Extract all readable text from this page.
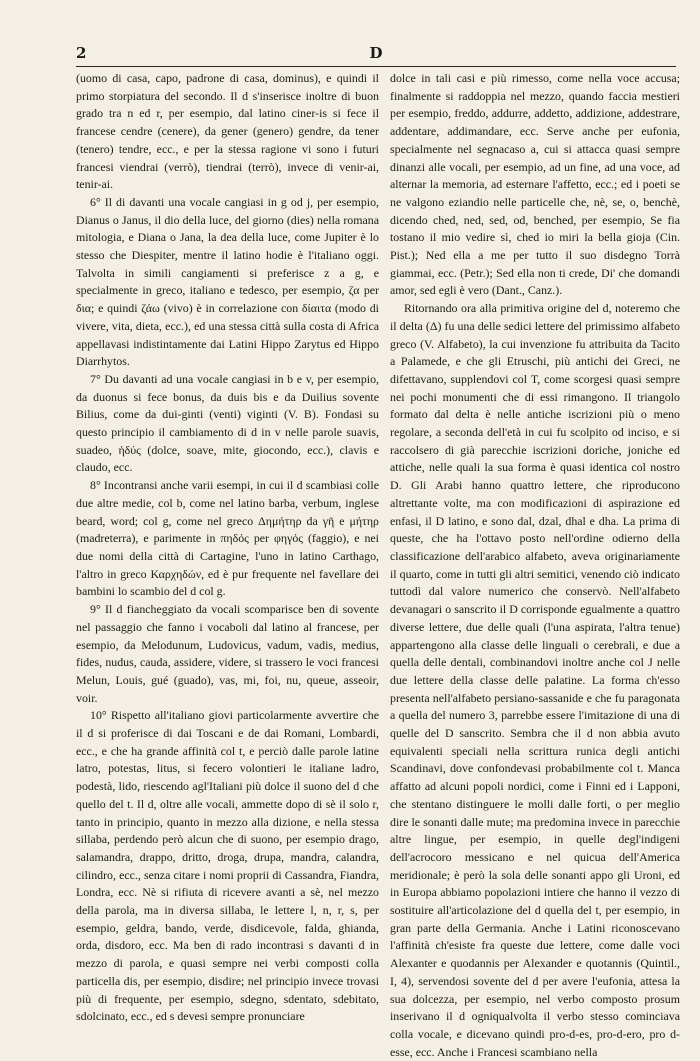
2	D

(uomo di casa, capo, padrone di casa, dominus), e quindi il primo storpiatura del secondo. Il d s'inserisce inoltre di buon grado tra n ed r, per esempio, dal latino ciner-is si fece il francese cendre (cenere), da gener (genero) gendre, da tener (tenero) tendre, ecc., e per la stessa ragione vi sono i futuri francesi viendrai (verrò), tiendrai (terrò), invece di venir-ai, tenir-ai.

6° Il di davanti una vocale cangiasi in g od j, per esempio, Dianus o Janus, il dio della luce, del giorno (dies) nella romana mitologia, e Diana o Jana, la dea della luce, come Jupiter è lo stesso che Diespiter, mentre il latino hodie è l'italiano oggi. Talvolta in simili cangiamenti si preferisce z a g, e specialmente in greco, italiano e tedesco, per esempio, ζα per δια; e quindi ζάω (vivo) è in correlazione con δίαιτα (modo di vivere, vita, dieta, ecc.), ed una stessa città sulla costa di Africa appellavasi indistintamente dai Latini Hippo Zarytus ed Hippo Diarrhytos.

7° Du davanti ad una vocale cangiasi in b e v, per esempio, da duonus si fece bonus, da duis bis e da Duilius sovente Bilius, come da dui-ginti (venti) viginti (V. B). Fondasi su questo principio il cambiamento di d in v nelle parole suavis, suadeo, ἡδύς (dolce, soave, mite, giocondo, ecc.), clavis e claudo, ecc.

8° Incontransi anche varii esempi, in cui il d scambiasi colle due altre medie, col b, come nel latino barba, verbum, inglese beard, word; col g, come nel greco Δημήτηρ da γῆ e μήτηρ (madreterra), e parimente in πηδός per φηγός (faggio), e nei due nomi della città di Cartagine, l'uno in latino Carthago, l'altro in greco Καρχηδών, ed è pur frequente nel favellare dei bambini lo scambio del d col g.

9° Il d fiancheggiato da vocali scomparisce ben di sovente nel passaggio che fanno i vocaboli dal latino al francese, per esempio, da Melodunum, Ludovicus, vadum, vadis, medius, fides, nudus, cauda, assidere, videre, si trassero le voci francesi Melun, Louis, gué (guado), vas, mi, foi, nu, queue, asseoir, voir.

10° Rispetto all'italiano giovi particolarmente avvertire che il d si proferisce di dai Toscani e de dai Romani, Lombardi, ecc., e che ha grande affinità col t, e perciò dalle parole latine latro, potestas, litus, si fecero volontieri le italiane ladro, podestà, lido, riescendo agl'Italiani più dolce il suono del d che quello del t. Il d, oltre alle vocali, ammette dopo di sè il solo r, tanto in principio, quanto in mezzo alla dizione, e nella stessa sillaba, perdendo però alcun che di suono, per esempio drago, salamandra, drappo, dritto, droga, drupa, mandra, calandra, cilindro, ecc., senza citare i nomi proprii di Cassandra, Fiandra, Londra, ecc. Nè si rifiuta di ricevere avanti a sè, nel mezzo della parola, ma in diversa sillaba, le lettere l, n, r, s, per esempio, geldra, bando, verde, disdicevole, falda, ghianda, orda, disdoro, ecc. Ma ben di rado incontrasi s davanti d in mezzo di parola, e quasi sempre nei verbi composti colla particella dis, per esempio, disdire; nel principio invece trovasi più di frequente, per esempio, sdegno, sdentato, sdebitato, sdolcinato, ecc., ed s devesi sempre pronunciare

dolce in tali casi e più rimesso, come nella voce accusa; finalmente si raddoppia nel mezzo, quando faccia mestieri per esempio, freddo, addurre, addetto, addizione, addestrare, addentare, addimandare, ecc. Serve anche per eufonia, specialmente nel segnacaso a, cui si attacca quasi sempre dinanzi alle vocali, per esempio, ad un fine, ad una voce, ad alternar la memoria, ad esternare l'affetto, ecc.; ed i poeti se ne valgono eziandio nelle particelle che, nè, se, o, benchè, dicendo ched, ned, sed, od, benched, per esempio, Se fia tostano il mio vedire sì, ched io miri la bella gioja (Cin. Pist.); Ned ella a me per tutto il suo disdegno Torrà giammai, ecc. (Petr.); Sed ella non ti crede, Di' che domandi amor, sed egli è vero (Dant., Canz.).

Ritornando ora alla primitiva origine del d, noteremo che il delta (Δ) fu una delle sedici lettere del primissimo alfabeto greco (V. Alfabeto), la cui invenzione fu attribuita da Tacito a Palamede, e che gli Etruschi, più antichi dei Greci, ne difettavano, supplendovi col T, come scorgesi quasi sempre nei pochi monumenti che di essi rimangono. Il triangolo formato dal delta è nelle antiche iscrizioni più o meno regolare, a seconda dell'età in cui fu scolpito od inciso, e si raccolsero di già parecchie iscrizioni doriche, joniche ed attiche, nelle quali la sua forma è quasi identica col nostro D. Gli Arabi hanno quattro lettere, che riproducono altrettante volte, ma con modificazioni di aspirazione ed enfasi, il D latino, e sono dal, dzal, dhal e dha. La prima di queste, che ha l'ottavo posto nell'ordine odierno della classificazione dell'arabico alfabeto, aveva originariamente il quarto, come in tutti gli altri semitici, venendo ciò indicato tuttodì dal valore numerico che conservò. Nell'alfabeto devanagari o sanscrito il D corrisponde egualmente a quattro diverse lettere, due delle quali (l'una aspirata, l'altra tenue) appartengono alla classe delle linguali o cerebrali, e due a quella delle dentali, combinandovi inoltre anche col J nelle due lettere della classe delle palatine. La forma ch'esso presenta nell'alfabeto persiano-sassanide e che fu paragonata a quella del numero 3, parrebbe essere l'imitazione di una di quelle del D sanscrito. Sembra che il d non abbia avuto equivalenti speciali nella scrittura runica degli antichi Scandinavi, dove confondevasi probabilmente col t. Manca affatto ad alcuni popoli nordici, come i Finni ed i Lapponi, che stentano distinguere le molli dalle forti, o per meglio dire le sonanti dalle mute; ma predomina invece in parecchie altre lingue, per esempio, in quelle degl'indigeni dell'acrocoro messicano e nel quicua dell'America meridionale; è però la sola delle sonanti appo gli Uroni, ed in Europa abbiamo popolazioni intiere che hanno il vezzo di sostituire all'articolazione del d quella del t, per esempio, in gran parte della Germania. Anche i Latini riconoscevano l'affinità ch'esiste fra queste due lettere, come dalle voci Alexanter e quodannis per Alexander e quotannis (Quintil., I, 4), servendosi sovente del d per avere l'eufonia, attesa la sua dolcezza, per esempio, nel verbo composto prosum inserivano il d ogniqualvolta il verbo stesso cominciava colla vocale, e dicevano quindi pro-d-es, pro-d-ero, pro d-esse, ecc. Anche i Francesi scambiano nella
